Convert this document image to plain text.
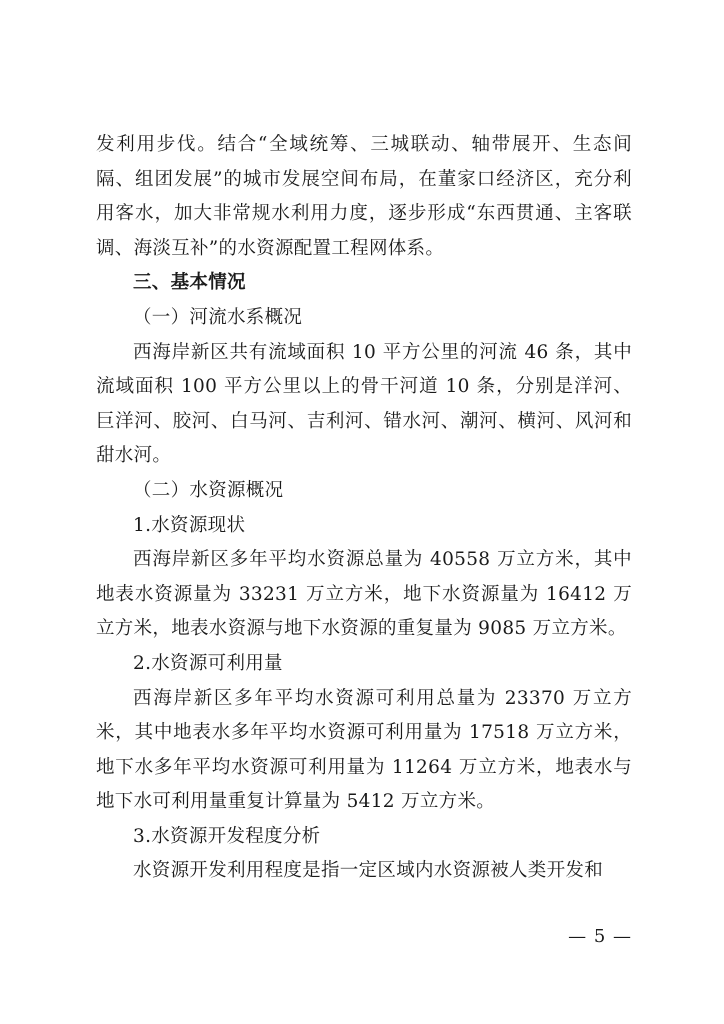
发利用步伐。结合“全域统筹、三城联动、轴带展开、生态间隔、组团发展”的城市发展空间布局，在董家口经济区，充分利用客水，加大非常规水利用力度，逐步形成“东西贯通、主客联调、海淡互补”的水资源配置工程网体系。

三、基本情况

（一）河流水系概况

西海岸新区共有流域面积 10 平方公里的河流 46 条，其中流域面积 100 平方公里以上的骨干河道 10 条，分别是洋河、巨洋河、胶河、白马河、吉利河、错水河、潮河、横河、风河和甜水河。

（二）水资源概况

1.水资源现状

西海岸新区多年平均水资源总量为 40558 万立方米，其中地表水资源量为 33231 万立方米，地下水资源量为 16412 万立方米，地表水资源与地下水资源的重复量为 9085 万立方米。

2.水资源可利用量

西海岸新区多年平均水资源可利用总量为 23370 万立方米，其中地表水多年平均水资源可利用量为 17518 万立方米，地下水多年平均水资源可利用量为 11264 万立方米，地表水与地下水可利用量重复计算量为 5412 万立方米。

3.水资源开发程度分析

水资源开发利用程度是指一定区域内水资源被人类开发和

— 5 —
